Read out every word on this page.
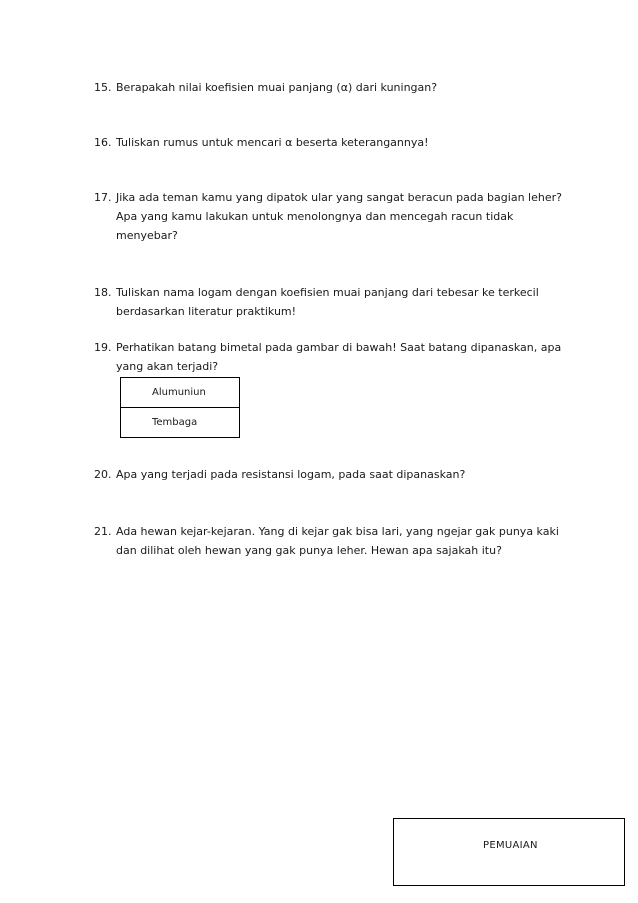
15. Berapakah nilai koefisien muai panjang (α) dari kuningan?
16. Tuliskan rumus untuk mencari α beserta keterangannya!
17. Jika ada teman kamu yang dipatok ular yang sangat beracun pada bagian leher? Apa yang kamu lakukan untuk menolongnya dan mencegah racun tidak menyebar?
18. Tuliskan nama logam dengan koefisien muai panjang dari tebesar ke terkecil berdasarkan literatur praktikum!
19. Perhatikan batang bimetal pada gambar di bawah! Saat batang dipanaskan, apa yang akan terjadi?
Alumuniun
Tembaga
20. Apa yang terjadi pada resistansi logam, pada saat dipanaskan?
21. Ada hewan kejar-kejaran. Yang di kejar gak bisa lari, yang ngejar gak punya kaki dan dilihat oleh hewan yang gak punya leher. Hewan apa sajakah itu?
PEMUAIAN
